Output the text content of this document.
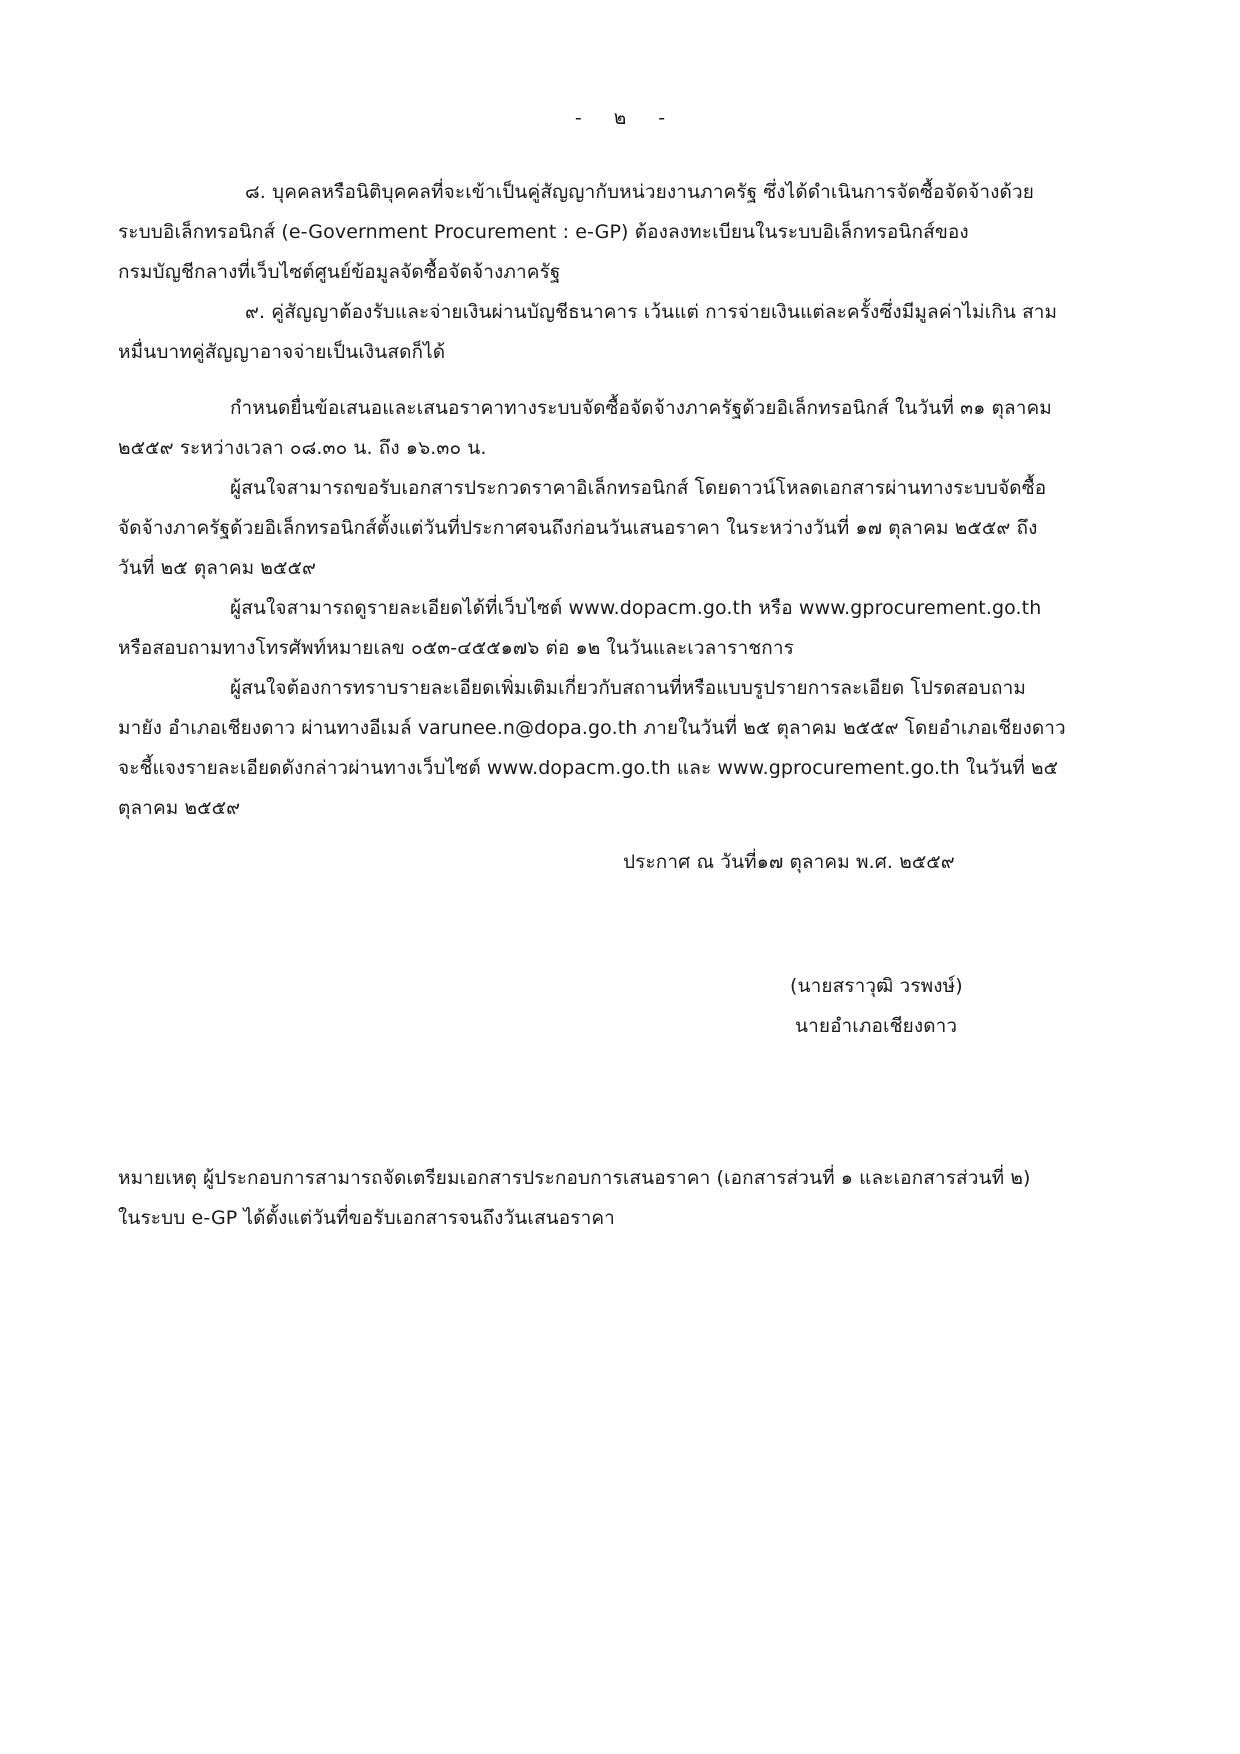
- ๒ -
๘. บุคคลหรือนิติบุคคลที่จะเข้าเป็นคู่สัญญากับหน่วยงานภาครัฐ ซึ่งได้ดำเนินการจัดซื้อจัดจ้างด้วย
ระบบอิเล็กทรอนิกส์ (e-Government Procurement : e-GP) ต้องลงทะเบียนในระบบอิเล็กทรอนิกส์ของ
กรมบัญชีกลางที่เว็บไซต์ศูนย์ข้อมูลจัดซื้อจัดจ้างภาครัฐ
๙. คู่สัญญาต้องรับและจ่ายเงินผ่านบัญชีธนาคาร เว้นแต่ การจ่ายเงินแต่ละครั้งซึ่งมีมูลค่าไม่เกิน สาม
หมื่นบาทคู่สัญญาอาจจ่ายเป็นเงินสดก็ได้
กำหนดยื่นข้อเสนอและเสนอราคาทางระบบจัดซื้อจัดจ้างภาครัฐด้วยอิเล็กทรอนิกส์ ในวันที่ ๓๑ ตุลาคม
๒๕๕๙ ระหว่างเวลา ๐๘.๓๐ น. ถึง ๑๖.๓๐ น.
ผู้สนใจสามารถขอรับเอกสารประกวดราคาอิเล็กทรอนิกส์ โดยดาวน์โหลดเอกสารผ่านทางระบบจัดซื้อ
จัดจ้างภาครัฐด้วยอิเล็กทรอนิกส์ตั้งแต่วันที่ประกาศจนถึงก่อนวันเสนอราคา ในระหว่างวันที่ ๑๗ ตุลาคม ๒๕๕๙ ถึง
วันที่ ๒๕ ตุลาคม ๒๕๕๙
ผู้สนใจสามารถดูรายละเอียดได้ที่เว็บไซต์ www.dopacm.go.th หรือ www.gprocurement.go.th
หรือสอบถามทางโทรศัพท์หมายเลข ๐๕๓-๔๕๕๑๗๖ ต่อ ๑๒ ในวันและเวลาราชการ
ผู้สนใจต้องการทราบรายละเอียดเพิ่มเติมเกี่ยวกับสถานที่หรือแบบรูปรายการละเอียด โปรดสอบถาม
มายัง อำเภอเชียงดาว ผ่านทางอีเมล์ varunee.n@dopa.go.th ภายในวันที่ ๒๕ ตุลาคม ๒๕๕๙ โดยอำเภอเชียงดาว
จะชี้แจงรายละเอียดดังกล่าวผ่านทางเว็บไซต์ www.dopacm.go.th และ www.gprocurement.go.th ในวันที่ ๒๕
ตุลาคม ๒๕๕๙
ประกาศ ณ วันที่๑๗ ตุลาคม พ.ศ. ๒๕๕๙
(นายสราวุฒิ วรพงษ์)
นายอำเภอเชียงดาว
หมายเหตุ ผู้ประกอบการสามารถจัดเตรียมเอกสารประกอบการเสนอราคา (เอกสารส่วนที่ ๑ และเอกสารส่วนที่ ๒)
ในระบบ e-GP ได้ตั้งแต่วันที่ขอรับเอกสารจนถึงวันเสนอราคา
